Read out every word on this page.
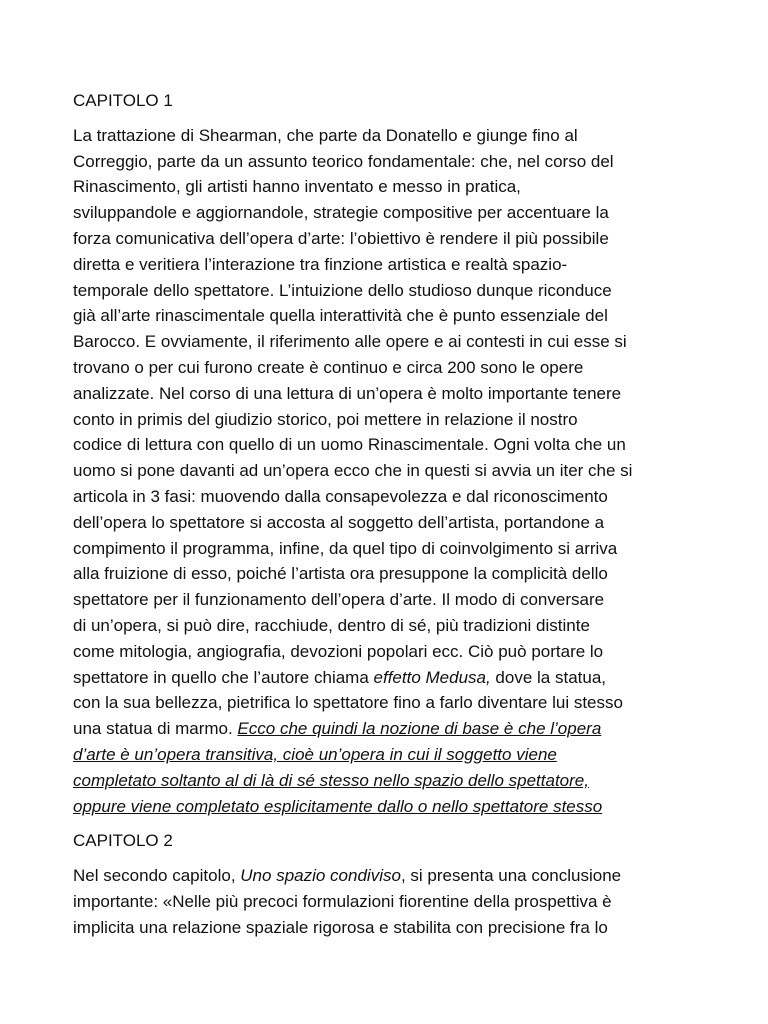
CAPITOLO 1
La trattazione di Shearman, che parte da Donatello e giunge fino al
Correggio, parte da un assunto teorico fondamentale: che, nel corso del
Rinascimento, gli artisti hanno inventato e messo in pratica,
sviluppandole e aggiornandole, strategie compositive per accentuare la
forza comunicativa dell’opera d’arte: l’obiettivo è rendere il più possibile
diretta e veritiera l’interazione tra finzione artistica e realtà spazio-
temporale dello spettatore. L’intuizione dello studioso dunque riconduce
già all’arte rinascimentale quella interattività che è punto essenziale del
Barocco. E ovviamente, il riferimento alle opere e ai contesti in cui esse si
trovano o per cui furono create è continuo e circa 200 sono le opere
analizzate. Nel corso di una lettura di un’opera è molto importante tenere
conto in primis del giudizio storico, poi mettere in relazione il nostro
codice di lettura con quello di un uomo Rinascimentale. Ogni volta che un
uomo si pone davanti ad un’opera ecco che in questi si avvia un iter che si
articola in 3 fasi: muovendo dalla consapevolezza e dal riconoscimento
dell’opera lo spettatore si accosta al soggetto dell’artista, portandone a
compimento il programma, infine, da quel tipo di coinvolgimento si arriva
alla fruizione di esso, poiché l’artista ora presuppone la complicità dello
spettatore per il funzionamento dell’opera d’arte. Il modo di conversare
di un’opera, si può dire, racchiude, dentro di sé, più tradizioni distinte
come mitologia, angiografia, devozioni popolari ecc. Ciò può portare lo
spettatore in quello che l’autore chiama effetto Medusa, dove la statua,
con la sua bellezza, pietrifica lo spettatore fino a farlo diventare lui stesso
una statua di marmo. Ecco che quindi la nozione di base è che l’opera
d’arte è un’opera transitiva, cioè un’opera in cui il soggetto viene
completato soltanto al di là di sé stesso nello spazio dello spettatore,
oppure viene completato esplicitamente dallo o nello spettatore stesso
CAPITOLO 2
Nel secondo capitolo, Uno spazio condiviso, si presenta una conclusione
importante: «Nelle più precoci formulazioni fiorentine della prospettiva è
implicita una relazione spaziale rigorosa e stabilita con precisione fra lo
